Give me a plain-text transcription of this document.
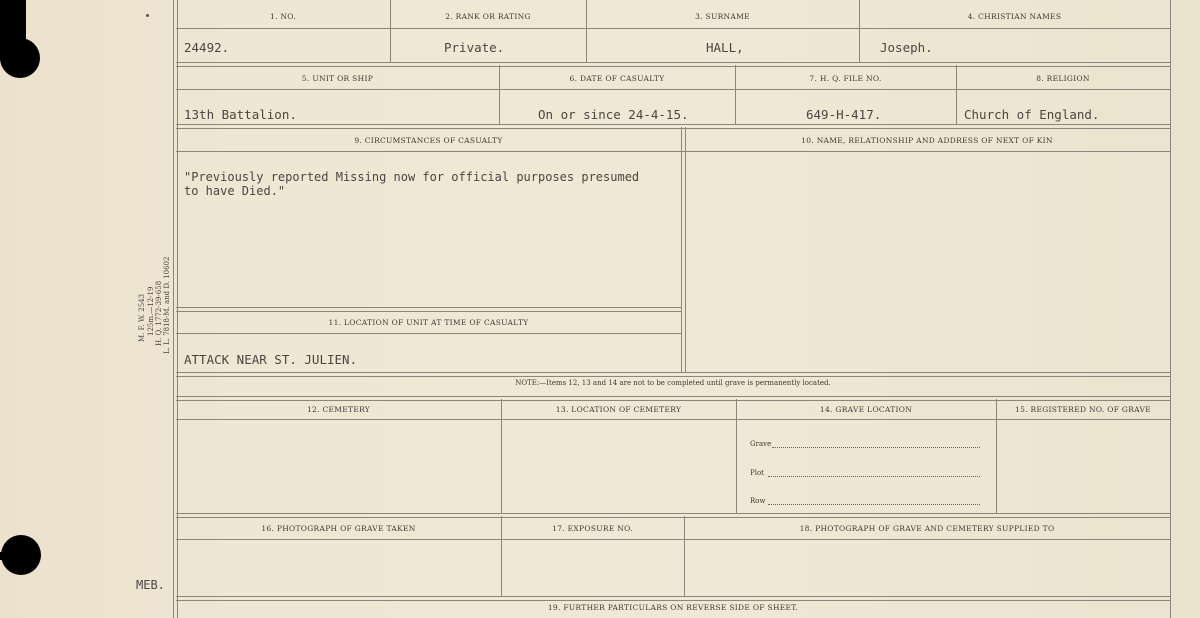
1. NO.	2. RANK OR RATING	3. SURNAME	4. CHRISTIAN NAMES
24492.	Private.	HALL,	Joseph.
5. UNIT OR SHIP	6. DATE OF CASUALTY	7. H. Q. FILE NO.	8. RELIGION
13th Battalion.	On or since 24-4-15.	649-H-417.	Church of England.
9. CIRCUMSTANCES OF CASUALTY	10. NAME, RELATIONSHIP AND ADDRESS OF NEXT OF KIN
"Previously reported Missing now for official purposes presumed
to have Died."
11. LOCATION OF UNIT AT TIME OF CASUALTY
ATTACK NEAR ST. JULIEN.
NOTE:—Items 12, 13 and 14 are not to be completed until grave is permanently located.
12. CEMETERY	13. LOCATION OF CEMETERY	14. GRAVE LOCATION	15. REGISTERED NO. OF GRAVE
Grave
Plot
Row
16. PHOTOGRAPH OF GRAVE TAKEN	17. EXPOSURE NO.	18. PHOTOGRAPH OF GRAVE AND CEMETERY SUPPLIED TO
19. FURTHER PARTICULARS ON REVERSE SIDE OF SHEET.
M. F. W. 2543 125m.—12-19 H. Q. 1772-39-658 L. L. 7818-M. and D. 10602
MEB.
